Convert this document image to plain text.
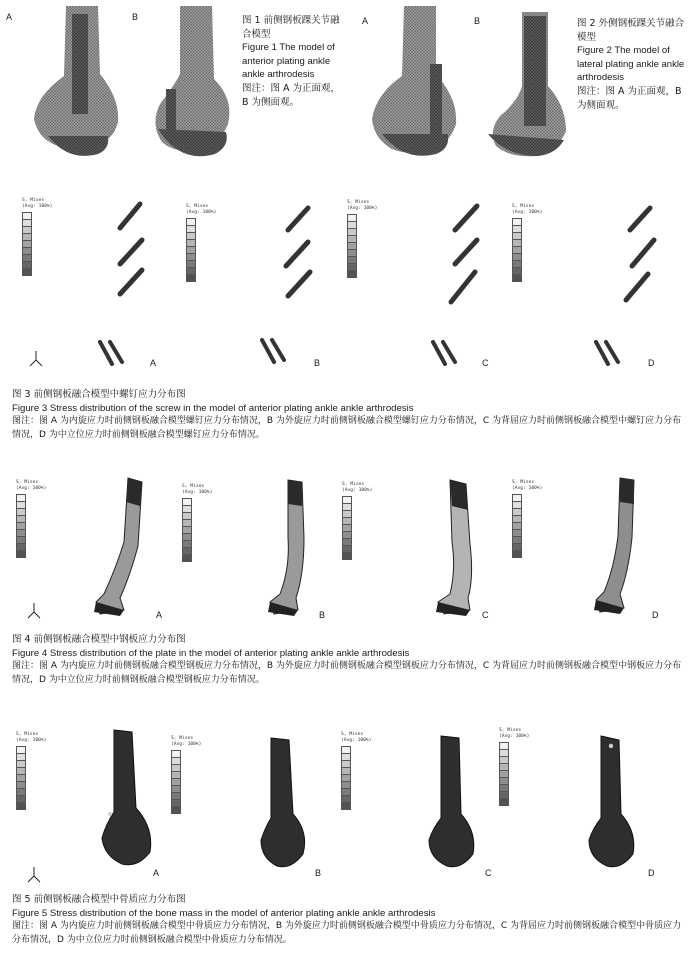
A	B	图 1 前侧钢板踝关节融合模型
Figure 1 The model of anterior plating ankle ankle arthrodesis
图注：图 A 为正面观，B 为侧面观。
A	B	图 2 外侧钢板踝关节融合模型
Figure 2 The model of lateral plating ankle ankle arthrodesis
图注：图 A 为正面观，B 为侧面观。
S, Mises
(Avg: 100%)
A
S, Mises
(Avg: 100%)
B
S, Mises
(Avg: 100%)
C
S, Mises
(Avg: 100%)
D
图 3 前侧钢板融合模型中螺钉应力分布图
Figure 3 Stress distribution of the screw in the model of anterior plating ankle ankle arthrodesis
图注：图 A 为内旋应力时前侧钢板融合模型螺钉应力分布情况，B 为外旋应力时前侧钢板融合模型螺钉应力分布情况，C 为背屈应力时前侧钢板融合模型中螺钉应力分布情况，D 为中立位应力时前侧钢板融合模型螺钉应力分布情况。
S, Mises
(Avg: 100%)
A
S, Mises
(Avg: 100%)
B
S, Mises
(Avg: 100%)
C
S, Mises
(Avg: 100%)
D
图 4 前侧钢板融合模型中钢板应力分布图
Figure 4 Stress distribution of the plate in the model of anterior plating ankle ankle arthrodesis
图注：图 A 为内旋应力时前侧钢板融合模型钢板应力分布情况，B 为外旋应力时前侧钢板融合模型钢板应力分布情况，C 为背屈应力时前侧钢板融合模型中钢板应力分布情况，D 为中立位应力时前侧钢板融合模型钢板应力分布情况。
S, Mises
(Avg: 100%)
A
S, Mises
(Avg: 100%)
B
S, Mises
(Avg: 100%)
C
S, Mises
(Avg: 100%)
D
图 5 前侧钢板融合模型中骨质应力分布图
Figure 5 Stress distribution of the bone mass in the model of anterior plating ankle ankle arthrodesis
图注：图 A 为内旋应力时前侧钢板融合模型中骨质应力分布情况，B 为外旋应力时前侧钢板融合模型中骨质应力分布情况，C 为背屈应力时前侧钢板融合模型中骨质应力分布情况，D 为中立位应力时前侧钢板融合模型中骨质应力分布情况。
